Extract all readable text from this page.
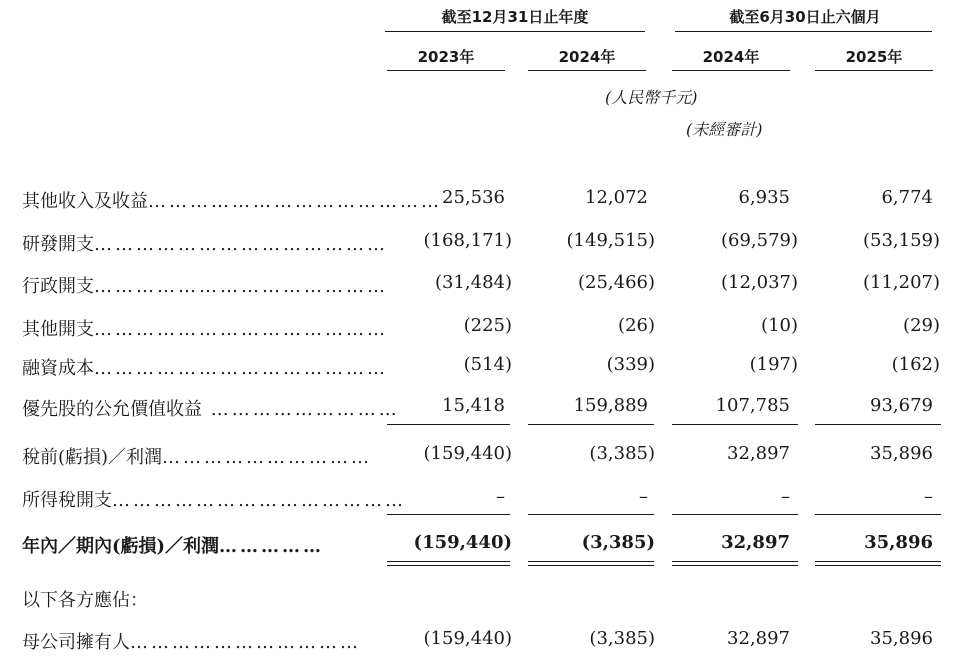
截至12月31日止年度	截至6月30日止六個月
2023年	2024年	2024年	2025年
(人民幣千元)
(未經審計)
其他收入及收益…………………………………… 25,536	12,072	6,935	6,774
研發開支……………………………………	(168,171)	(149,515)	(69,579)	(53,159)
行政開支……………………………………	(31,484)	(25,466)	(12,037)	(11,207)
其他開支……………………………………	(225)	(26)	(10)	(29)
融資成本……………………………………	(514)	(339)	(197)	(162)
優先股的公允價值收益 ………………………	15,418	159,889	107,785	93,679
稅前(虧損)／利潤…………………………	(159,440)	(3,385)	32,897	35,896
所得稅開支……………………………………	–	–	–	–
年內／期內(虧損)／利潤……………	(159,440)	(3,385)	32,897	35,896
以下各方應佔：
母公司擁有人……………………………	(159,440)	(3,385)	32,897	35,896
